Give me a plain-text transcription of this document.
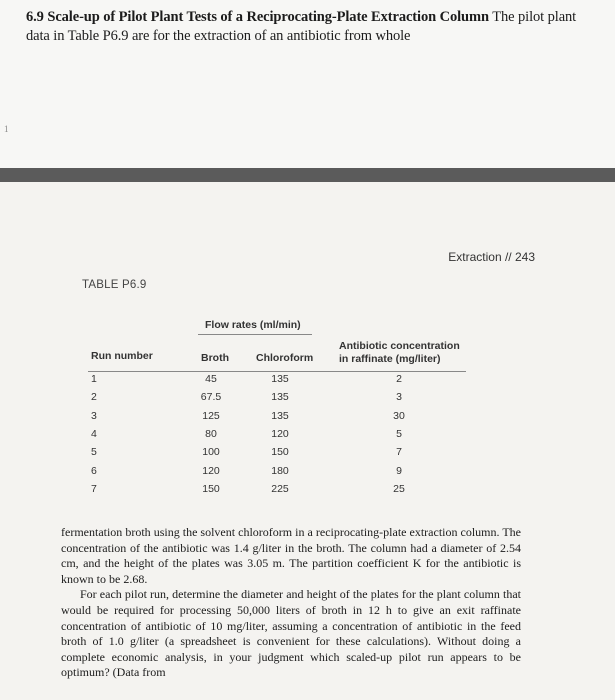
6.9 Scale-up of Pilot Plant Tests of a Reciprocating-Plate Extraction Column The pilot plant data in Table P6.9 are for the extraction of an antibiotic from whole
1
Extraction // 243
TABLE P6.9
Flow rates (ml/min)
Run number	Broth	Chloroform
Antibiotic concentration
in raffinate (mg/liter)
1	45	135	2
2	67.5	135	3
3	125	135	30
4	80	120	5
5	100	150	7
6	120	180	9
7	150	225	25

fermentation broth using the solvent chloroform in a reciprocating-plate extraction column. The concentration of the antibiotic was 1.4 g/liter in the broth. The column had a diameter of 2.54 cm, and the height of the plates was 3.05 m. The partition coefficient K for the antibiotic is known to be 2.68.

For each pilot run, determine the diameter and height of the plates for the plant column that would be required for processing 50,000 liters of broth in 12 h to give an exit raffinate concentration of antibiotic of 10 mg/liter, assuming a concentration of antibiotic in the feed broth of 1.0 g/liter (a spreadsheet is convenient for these calculations). Without doing a complete economic analysis, in your judgment which scaled-up pilot run appears to be optimum? (Data from
